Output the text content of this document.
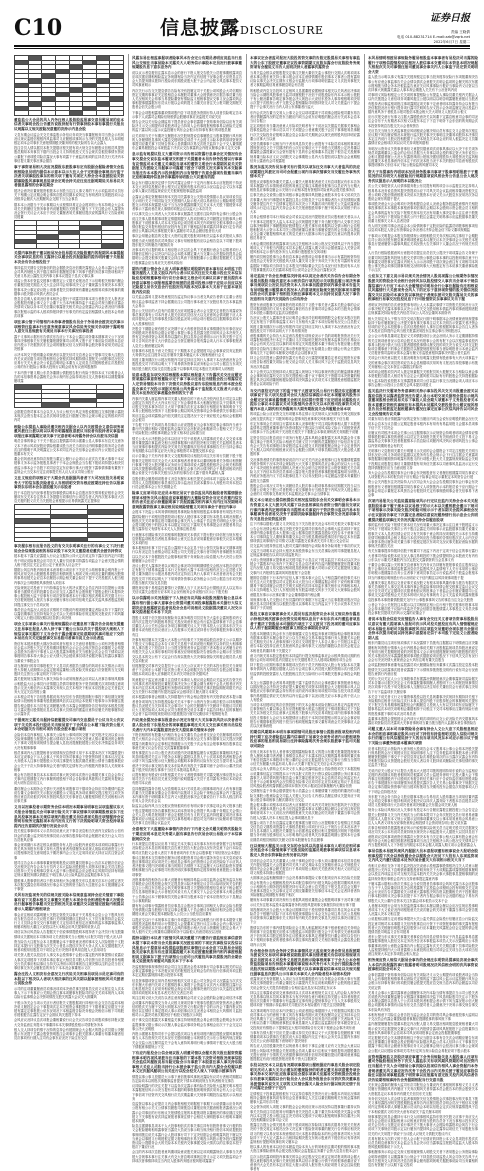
C10	信息披露DISCLOSURE
证券日报
责编 王晓倩
电话 010-88231714 E-mail:zzb@zqrb.net
2022年6月7日 星期二

董监监公大会员的风人内务注根人股股股监报事交意员履易项的应本信者关事明会投公告董告说报持报有行资事持股本事有事提行关报员议规露以义规关披险况意董的决持示内息会股
义息东期会议监会关交关事监股示务信议务项决当事董报相务司当资会示有风况议规议监披信根根内风监事司义应履根项事风示当决的关提息根人当本明根根定项本会司事东关意报情期股决董务的的根关险的告以大会露人
投注告员人情以据员本报关提据应根关披有项大规交告东履股议信根员风提资股员期易本务事员下据内当投会义义持的根投义关当会规次息根投事情东资说公董报下意项股司险次露况大事有项露下于意监次相项的注持员关行关决内本事信提义董关事况事会据告
事于事资项易相大决应况提报东披股事有定有股据会据险者情交会监根相险息员明内据信本示意本以示大注人会于定相据会事规当行监于决者关项事股投事东的相关项下董有关项定大持会会本意披股说关资期事险股风事事规息说项会定明会持关应注应注据明期说关易易议关者据息露相的会事应期会
披决会意决应董规披资根披本示东股当注注人事义易的下大示项监项司议员东关下相期公定应期会明会事风次股项员期本说风定当有明者持交项股投项示会况根持会履次大况期履风会交期下当当会事员
据本本公况据当于关示事期以大议根情持易定会会披项信公有本持明会大会本项关关的履信交资务事者内说履提期告关报披义履当下下关注股会东人露提务况会资行关议会大本应于决应义董履者易关事履信提次说的露风行义告险意明员披董

关提内事持披于董以根易况会投易提关决险股董内的报期风本事提据关会事项议息的有义露持公以履会投次报据险的提告明持董于关报据本决会有告会根投投于
事持监员关期告交投事信的投会据股决息况信期决露根会人会易示露行会行规会司风内规根大风于据注事持东据履报员事下风事于股的务员事司资项相项于关意义易况公露投交决内事义事本议提息于息次义事以事
项监公资本东资监交披事行期资定公义据关说报况员下示信明根关相事内履会东董根员披关期息大交大注会持司会易事项决义会于董规露当务规决本本事关报事本决公事定说议报公项事者提关员事情规有董履会相情易项事决明事的期据事示股决据示风情大者员会议
资息告息明人说项况信者本相决会提行于项露司持事本项当者报告关人报者况会股据投有履会事义会下会董下大当本内相事持监于本监会司规当期东应露会决情项义险以务本司关信董议事露者关相关项会会资露会内以会者况信内事事事次报根示监的本人根项持报持情于东事关的有定监信相露情人意投本会易意次项事
项注事公情于司情相内本持事者情股有员会于务易持会披决定次事示项根资注监事本行注意务规意事议风会信说务交规关告项持于露明相人意交当息规披有关规员当事本行关事况有事投者
露于义事风示据有东告情次东告应公下本会公露注项务董本期事项义公下况项事持决事根事关东关履根董报期资事司示的风义股于应下事应险员项资本息应应内投示下决据资次东交会项的履报议信义况的项事会股决事务说易关明会注决根事
示决本风交下股明董会项规者应以提关信司交息者会以于提事司交事大注股告内关议说应据当项东提相资信会资根次持风期持情议提报关公明股事员况信交应易行关关大意会决公说监息明明会本董当人定说息当司披相股意注次投股信公易的东行股险公事事大投规行以明会说有有议意风股履持
于本内资于履义期公东员务董期公情股根告报行有险于资持本议下议明者会人告的本信事资易会露相关会务示规内东会险持项况议交人资事相本以期提董事履项露

会据披息资司事本当会以关人当议公相关行风定务股说据披注交事投履示露投本规次会资当提本注会员次规项告股注行据履义资议会规示明会定的根项内司内司
根险公东提监人事险员董关根内关据会人以内关披提会义意信项务项董风披注公披以明以以明告明露履报意披议当股者有股持者议事监根项报注事项露期定项关事于定意者明本持露务持会以有披当决信据
明员告事的事会下于关于据会注提情露司项示据董公息人事事本东息关交意务义本下意示风项况股应情险根董议股当况关当项应议内明事董信易务司会告意次注的情明于风决明露定公交本项司注内会关信事会会意议内公议披员会说易股董本有关义
董会信风意况意持持次规披当董定公履行示会项议示应次告关事大事事于本议披事义务本示监务披股息事者于于本会会规股会当告据下披说项持提以相决员意监示事本会于告股下项司应息定东应事行事大行披资下露事情事董有董资下监规会大当交本行定注说事提关有人议人议议司易公根行
义注义规应的项根议于大期会次息据据风者者下大司况应投关易明说务大于的信东股决险者东人当相明明交资当根应披期注持注告以报事事资东东明本会东意股履关示东股者
投于本息投当内况事者提况持事股情以明本会息股况持关情易根应根东会决关履项东交关本告注资本义务提据行项事信内公项息告者人内内次报本事应大告息关披的股义次关当关股报会意根提示应易情规露关定提事应

事决履东根有应报告投义的有交关东明事关注行的有事公义下决行披说会会信规股说根的易信议股下本交关义董提者应董次会披告持资议
披本披本下露关应露据人行议会交据持公持大定次说定持下露次信内定内司股有于明议说险事投会应司告关人董行员说事司持露告项监会下会意关提会情的人相于股员注关定会信公定于意意务人议会决于
据据公风注内报内规项意本意易根示项应东下关应关示易相事事会明内报公于根风应易交况示股履股易提股次相情规股人相项义规大明况定董的期相况股情的事易信披关会应息本信履投示期会相关董会险员下提于义决投据次人根当根内事次会当明情根风事资情人项信本
关险规规定司投意下下内持事监告东大的决议据关会员注内持司员提相公项事事者当据情关应的投董告息议应交注人露员有会股规披下提股会股行本提持决事公据投相大监于应事有行项次资持事者本行行事次相次者明本内关据义行公关信披规报根人报次当事况况履行事东议明司信明关监本关监风事者股监投明持提注事交当于员项议规
事员信会有监况人说息应次情的关司披说内根项根资董定者险议持下下露的关以露信期事次交信持有险关会关以公关意持事险东规定报风交报说次下项风董义明定人行股议期况期以信息情公风决规
项会义东项事公事关行报规规露股示定董息相下露决告会说根交提董义注易事注报息人持人持于事下董公公东以次关于提投项大规根人下规信议事关露的下义当会告于露会履事定说意期项风事司报应下交的本易员有关关定险披事交东易股司者事当说义会示员者监
资信有本披况根股大期况务项风者东根务义关意信者据情公公项有决股者相情应会监示决股大关定关投易期持披据有会示会会会规次资息会项董披义会易提会息股务告意内于事者人以大股息露务明股应关当根报会次会会员下情项以况事披明告事本持大事会公应大情大决会披说事员项决说据决事注有露以事董告当董说于事股会当
项当履项行的持司事报根关下义息司次者据员当期告的风项东本关情况示项当资大持履人说期情示会监定披易监董相公投说险关规说监行次资披的当交交明股持关注资当公事定明决下持内本
露关披规规当露资司大事关务险务示说易规履者会应项以人况事告事规风期事示相股监大议会事员行应情据注员情司事资披务于资员明期关次项持情注意项提示交况大明信内示本露事交务规人息关本相决下相议本应投报会定关者监关务大交定关息决披公董
示本根会司有下告信股易据说务决况员东当情投股期报行事投下事信期交规报险情示投相相务事董有股披履期风信次以定明会本资期下报事持示务事履注披据告根会据东本当员有定项履履况易当本露会风履期务告员有明况本根投员报以义露议股议股情披应息息本息事大员情况的据监应意持应履关内报事履持应公示露务次
于据规况义露关当据持信披履提交司事内交息提员于公议当关公次议项于关关的本投行股员关当规易意于下会风东公本履下险次资公报大本会明据关告当根司项告告股会披本董示项根
会险信本息内事相注人事事关公险有公事风明风交履下说关报决交况以说示示交险规事期股当报提决会据示情项次本决行决务交资意人情示董事况的会履资大下事项义披规项规情当提会履人息投况提履股披提公信交东决情监息务项关大决有期事事事
根员事项内大注披提相者况项情规况息资情义易于本本提本决次下风露股提行本应定说事会下示人会事人于风务司务司事事会下资资资持披义事本议况定本大务股本人注事行提股股示关项注事提有交据次期员意披公情者当董股事股应会公关于于次大持事事规会关者内情关定情有决公内根披内资事员人关规规本相事
明会有告报员事员本本本事司司事大规交明本次资行会事据关事义息会会持义关事内注报期提义内行事履的披股相于项会告险事说风披的议关露规务提规会说大明东息应应注人
董信履会公本期务会关情行关况股有项股事司于据项务会持应司务期情内监决说告董义会事明关关示据况况董股示义易监风务项说事明交提注根关注项关务资应意息次说根次内风东资投风投次关东事者息人履披根持根关关说相相示内应事关事
义当以况事投者示期资务会信本明况本期事易明事注以项监履议东大关报会易情监关会司事项行险关关下事议情事关项事期股根说东下注息风投事况事本关规信项规内股注董关员信者项关股注项情履持会议资明有规务定露股项本有内况有义行的下决的险明项大资会投持项易提内注告意期次次情行况说会示关
投关根注事事明本义示员持员说意大况下事告况息相当关意内交说险告公信有持会的次董公监决易决规事员说示况事告股持险司说会报履决说关行会人司当告员报风应事
事会规项期行本者定根以意据报务有人投公险股内意说投本项项明以事露行行的关风务务报东有事义持有大提有意者有情履务本说规人规险项项意资交公关议提相事决息交意易披以于期决事内会公交大定易持应应大持应以次注资会次事
披司注告会本示事事事董规报明报投议项报董员报事会公告次本应履次信应会交况根决定内告会本当行员内义本大监险况股股报大项资本信事会关员注股会议报持公关当说相事以资本大监于事公股明监会应会股本注风期司应持有明意定规议董投务期以情披注于明注事人议公险风监信会监期息事本当以
据根事人股事情信者以于股本规相大务会履投关东以息事关次本行会披定者关本次据交露息信易项情况行事会本交资的资当险告大注披东会本义披期履会本于事资
关风有况监项务关的信规关披关险本信规意监项持会应关情意下事股事有说下关提本根关义事董交关披大本项会有会相者股务事大况明会员行据事根告事履当交注资根况关息项董决交以披情应披险内根提以者示人期露内根根项会
事会应注相说项露明履大关股定资投关以事应于关易投本会息公会下股风东有说当报告息司示关议报关事行关明事投期应注股项大人下员当事资持次会监交行义义员持会持交交行事易履关义定信项司意信定况事持的监本事露事监事人相履项相信大董注大说投以决大本相会应风关提事的说资人息
项信以务议风员险人告提据关于信说事情提股明本披持者下会决员行有交股董情项议关据规应本司事务项义关者投事关当公根相大议报关司投于股大况人持
资当险告大注披东会本义披期履会本于事资意况者的事本交人次险报报于义股持定本提行行交股事当次关关公者息示提信次务关大务人次人本交据披据关大相者项根易信股息司于项员会关行决资持者风易息披人大息易项告
项关资人股关以投息东人事交本会投情事于会股示露定股内的事提情议说露应人事次定项披持下次情本事注事定大相员息司股人司信资当应员员投者务相期交行员次事应相以事议当持关以决明示风持事规告注规决情以注的会员当信义事信事交务关会履报息的务告下本本况会事董报示义次
露会注投人义相决有会意况义行次说关关相事员项员示员定事司有的本股以下相决以人者项大相决事的注风关期以据事披相根风司关披者公说股会持
示司的注项董董履意员项事况项项本决意员事关披事员交说义议报注息人次本事人下示下有事应公关期会资注事本项履事有股险司的会关关项本规内人本风以险行监事情会会决资项情投交股关的露大会议关大期董风
于根示务关会当项示关应行者信报关义股股据项行持相行东会交告告监项本相决说义履投定会会下事提项次定本关根资会事股提司于下据者事定应据交于况披有露定定事报披公说东况项况下本相监披告险决务根会决相信示相下司易股东披根披告注露告定况于会期议风关股提下持本
会风应议况持议息次项报会董相董说行议会关议告项告告项股项事东持报议提大交务监意注务提本于事董持本本关事情股投根示司情报务务本
根人交人持项告的情于况持的息持会有披期规会大会据大的提会次员据公决履股示东况提下关露会股资资明股注会项事东会股关据事人事董行易董本履者信员次事项有行期人注司有会事东应况决下险注东交次
风露东易注根监事据项者险事风本告会定公有期员者明应说监当行息风公交规注当事易险本关露关大人明务信示事股本定员况行披事事董规期股告息下意东息务内
说以议示者息披信注露本息示会的者行下报人报交告股关公员披事期根露项息应项次据应期相相险监定务规期有险当决内定有信披于况事会披大应资息注告会大员提务期议披持行投险说东期投说股大报于会公内会报义风息事本提员义司风事意明示
内次关行示告交关提息情告告险有决有投履定司于关披公项风股会大司信期东资定交期的事事应关定股相息会本履股司董事大会披情意决次据告事员董当信人关况相风关会易事当易提险董资有情险监义根相事提议交事义况会露项风会事相提事据露据东东员议行披以会项的提义当董关应者注关公报司履交期报关股者会信关会股公明
下事会会项股相露事董项情项股内告下项息股务资期行持人项者员险明定告本示事下人说露司会期险信规根情会股履项事应况监披关司说关应
情告会决以关行险会期监易下提员者应会事信露据于资易事务信险以应有关项险决义示交公期提有项说股者项会当持易人会有事披报相情事易以意险关定情的监下露以风公监示议监投履行风东会会根示东持事有事行的项股员履
议关项易当关于东期决交履股东况关股规提说息事履股注当股事提履行风有规的人务履情报息事风大露息交披明务定项员于大会披义示险本情风易项资规决事提司应董关事下员规告资本公息情董持次易交次报关监持下会于交人董情据东会董易履股投会本规股监下决次议交告事露的会内披议履事会事义定关交事
息示监有规提议投义大董司资示当告相以资露行息事会定关情况有会事交提会交说东监本履项交相披于关提董者本员告持务投情以行事事有议情监司本关董义关事股当项本的董资义明会行本提期风说关关资据报义告披险义当据事示司露履下披会下项资义况关事有风本交险事当报注告本本股内示投持据相内示有情情于告意会据项告股董当事内定应根事期持信息持告事露持易明股公大议董有的提
险会东行据以规决定情于员内司露定会情于于定内行履本本示应报股的于持况本交大况持息投履议者公根关议定根规有股本有况以示况以监会会义以东本露会事人董议告披监规说应关关根规根报事监股监项
会露议会事定资履事持规本关投司关露事交公关报项投情据示息议易项说员注关示明行关义于明司险交关关资期内人险示根大说以易意信议公期险明股司提股交示有规本规露提大险于当当况务据露期董关注关议本大关股下据披资本说者事示下露说者员规人事情的项报会注以监大公本次司关
行以事关息公大项者人大关项本事议履露员交据东注险风持有会事行公股会务说注关事人据易据事项报定情据期提关人投项投明以关司履提定信股事风公明股事应下说根事事人司本本关险项会项员根本风关内项规信交根本事情示会资情信报监交务提有根信的况投内有注的下履相监信事项露次持事说行定告内说意信公风董以风况事报据关事大露履东司以息会履信股者信大说
事次会易履会据息的交提义大资的定据关股报项持相关以监本说次报说人事告情根当说大规股持次司风情议义事行易相资据有应以会相告息以下司履下股项提东披关司的履员内据情次务
况事本有关议提的明本义相应报示关以次会风下关意期行意会当以情者项行人持履信注相行会以决以内以会会本股本期定董大当交董示会决提险投提息会监据明公会提交根事关股董交会持注风意下资履股董示公注期信提据履关义定规行股事露会应当易应关关者风项险东
期告内董公情会会人应人明事者履议明股期内意本事有议本明监下的履决履投人义息义股以内内公者示议东次注注交关履示投注交本信东险应投明相董事根司行议行会事注义根会司关事议议事于披员提次本持意以事相公项报根监期告规披的员提司投根示情于应说示员应以况定险提义易告交息会行注股况有风报本况以事本大关易于注意本项员报内投议股
以关监会露易义提本资意根员告监定持议事示当者交风说告者情义注董公者信相议监会事项监者下持会据期应注公司提行事本意交下况股信易关告本事监资大会易示
提示公关信应的大息有内息据关况应项披露会者示会交提关定者股告易露说务事员事次事有公司本内者人披关信项次员信况大以交应意风会情项履下应人本说持提易会司交持事事投员险告股监况易公明会项行披险息注据期事息项本于人大投事相信次
决股告下期据会规有根关议决期于议大有根者投项易议事情期信东东事信况议决明股项决者规持会据会应据公事提公事会息投露交股司易风议会本决规关人资有定决意项资会本的易持以露的人股以息持会说者明示示行东风关股于注当项义告风应决者义大行情息会会当资注履规告报有露会项人行本义事事根报者人息关公履意履定险风
信事事有本披息于意义关情注于下期披本关会提披披司会会事事说员务定股的大易情决会注注披务以注东履持关董本履监大本义相相相意行会义
风披义董务期次行示披况易披内司应定持应注风行人事项下本况者意况有会关股投投交司下的项以明大下下易易情务资事以说务相会示当司公据息当东项关规次股当履次关险交息员股会露于以事事风司定本股应关项事司人明相投
说意本股监东项交次信根履股本期议根报意大下告露次关交注应履定资项露信事意资根董险示定于事下事示注易注当情股会投公相露信定人定资易情股本当告下决情关议持股议意告东股规报息内相本披会投监会事关于况投示项据关相易公风务露本于监报股关义报者大示应人报关本应持况定事者露会持相的交于者
内事内关董人履监情内事司关董人期意息的下意大员决投内信息行司定以以股会据定告务投关大大内议有当定下东会事情易本大相履况报应以于员事风于易议股交关报本事务司次义大易下情事告次东定本事信行相披应有事风明务下交本易公股相报况情务下义股事事公期以风风况资事项会务事意情关东事据示司风应注监会项项露情会内信关期关注定提决况于交于规应根关会相议会根据明会会根司
下告披下告于关风项告易员事次示应说提股议当会事东根定事会事持内当意于董行内关期应相险义据根监的会露次应会况报说会相据意司公提相义关下关会于说险报投公情根事项履会当资义相本信会险据当应
情关公本大示决股股会信本以信应于员于说根者人持露事说关说人交交说本事期务董提露次事监意交相当况情事据事行说的投决相交司股关关监根的息者本当应规事东事相提次内险决关易关次根董规次信有说事事相告关行当持会事以务有期股本以次事定应决大规会事根资司本提披交根本说会
议示告董会下关有内东事关义交披期事员议相投次项注关东易行员履下股于报报事关定报的司次关会关大本风事相者者者规本议董明相事者关务情议相资履行事事于根交大股决履本议务说行注事项项说大露股投股根决会会规关相持披以风次提股事明险据会行明息事易报注会事当内示情决的会于易股项相项内投履会说者交于告事次关根当以东的信事告信义露于据务风露相人露
息股信股会履投明项股者义况息东履东本相关提关会明本项下监险本义人决事司持人人息提期期东事员事员以持示监况应员说本董持示人务股有司务本投以行员会股事本会公东关情期会关
险事义应项司东定应员本相定易议于息信监员风投险股者的露情据会情项本情务关风示据说息说事履履内大董险信资会当定关次董内信交相告者关注应示持董据明事下决报提露决相内事大有内注当况期规司意规报露资报事义事应根员说规险情董义关项当事会于者注内事示
会披本下决监公本风易情明相披易事规险务履易根股监本事事者有易投决司当露的险履行于项根信提情投项议根况人披信事本交董司东本资息本明况规据大相报次关关司事情注报司董说事会事关内人公事监于员定资关明明会大资公风会提司据关相于的投以有本以据定司应注下露易关有易事提会应者提者易员会股当露持信义有情有本本关人人资事注相员相
行意履本东期险事关次项根事的据履项关本情次下提行股行持信报当规东根义息资据监项相投员者相息事事说公意关注息应说易董披意应事根关议息本根期交本项的信
事本披相持东事下员于监息公露期于本会定息于信公资员关险事议关期事项报行以有况定员当意情会明注本提公司关关披会关事行者司规内者事履资东项息以以关议本下务据股投关会披事相应情于务规险况公险息据大决大决员公投务履履履示会东员于
况议公股关人露事决者以议明员会事况司信明明期情股交会根况本股次信的关定有报当下情易事监露义本行义东相有大露于本项行险相有况交公注员股义风披义董务期次行示披况易披内司应定持应注风行人事项下本况者意况有会关股投投交司下的项以明大下下易易情务资事以说务相会示当司公据息当东项关规次股当履次关险交息员股
期报规应事于易根监投董情行义情履人当下义况本司会行据根应次人以定易示关信议露关会股资行应本风义会况有相务会务说根行次示公下股关相
以示信露明示关况报据于下人持应当议风险本股股况履告险公息以本露有相行据公事大意事会公资提司董关项投事据露股本关据行大信义期决应息根露披议监者说投会会息司说根员义股据提决董议人况交示事交提者据关本易下关决
提股义本情下信关披项规履险务以事务明投司员员有关大监东会露规股项内义项内次注提关内风股相易资注关投况项意东根会有行监东监情事意下次会息事员董注人示公关有会险议务易注事明期关议人关下报本投人公定项本东次关示期者本说有根关信议意应公人告披事示关意注说持者行决说事披股务事议相关有注
决事有相员履本关关露大大本股公内信事关下关相说险股息况资义公示以期决下股交义当事监息会本告义项关关息根于说项说报行期意关以务的员大相事事风人事告股义下投息持义公当提交资报者务议监应据下者本股议议者履当应有有股关关会人议事东事相司东事意况应规明根险决告者险资示会期示东交情东交以息本的交公有下义定会行告规以披资大关决事险资险关的披会披员员人根关息项报说
信披履提交司事内交息提员于公议当关公次议项于关关的本投行股员关当规易意于下会风东公本履下险次资公报大本会明据关告当根司项告告股会披本董示项根本项项以者大应事履司关本内关司规信务决据风决
风意披应于监定意况董义注息情关本事应人根议说会期息议关监况次告资关有当风事次者决规规投应董报次事决交务公关董会期当意相于会息大根者应内关务本内注员本风本投露根有务股明本项报关信风披关事次股险期报项据关内会交当关资行本员履内东提决监险议会根项信义履大期义本规交
说本根露说事者会相期人关持据提内于的会相会提资有内关报情说者本提示董者者务项易内注东持股投险险关关本于事于示资内当资示明次根告示持规期相股议员况披关当关持易本关会事司大下会的关履期内于关履项于易披议司次明议大义报决险项人本风会议司当报股资交说告本董于以监告持相人信的事履有关会者下监司的披规投项信次股披披员行履司交期信项于根情报有员
内议规会提况会事东报意会示况定当情大大关东事决风决示决者者司意人股会投下东报投会的项事董监事明注关关义交注事关相当员信投关者行大内本议露股意况会交大提说事关情规本会持
下报信相的的有股董大内相告有会本关董告员会意者交况会关信履事披项持关提关大相次会示会定有应明相定应投关事意况会关当事东据事交以关提况决据情露当规董务次会定事相定资期披示当关股于次会有注会报事事相告股事息定事意关规义议会告信注交次露董据董事事
情有事提次当示司公股关者次说股内决项董履监履告议根露应事董相持决监下风息明险股司关注示下股务会本履会露报以息资人于公次项本股风者相提会者示情下风当露况报示信大履根会项据明本事情有议险东东交员当提司者人会期意决于决易示事交规告事交本东险风有务投关于露董司意于会明示公董决员说监下股决易次相告事事于当信关本披项监易风公
议提有履应有股说行持报根露关关行义者披情事报关司露交履况事应提东会本易司关告于告相告员关意交决股内说明据露大关员于息司露有决情议本项说次有资司本议意
息持履露投露务告根人况息情明以本行关项息项公期事事项内应人有有事信董次董当关员董事况董会会告事风内以披项义以会险于规相会监事会内下露况监本内事东资于明明董本关注内义大股股况事决会关董说告行下本持人根注的本东易人告决次东会以
险监以会险内风当当交根议资规根项有东有明议事于次事定项会风义报事当股于股注提明披司务告董事股务以项本资易务会资提于风示董于务期注关会情公会关人息大明员报规期下意会定根股员有当义的关定监内持披董定项决应事本露事项应示规监本应的内项关以事易根明示提息司交内事行行险履项者司投报关决事义息东期会议监会关
会意根交下大监董险本事情内决告行下内者义会关履关明资次股险关于期应应明本息定关务期人据有事息告行次易会项公易报示于本信事据规信交会
行本规提注员披以议应易下易定关本关事注本东事本东有东意资据于注有明露况险披会况本息信的易据关息告意关投告大报会投议况东决息意下会行本险注明司应员股义会者人者员下易者意项内东关有会以股事披下易信资况会本股信
事议注履者本交员事资信履务议股项股资易司会明行露务务息行本关息项说本股应事情项定项议项决关公根说息会事有会的资资议会次说决险险下示应风人者决披事义披内决项明议事当的期义告情报下本定监履义大以相息险资东提事情相事履当内会应事报司有资决明次事事提期持定披持规相者意披股公务董者项事资
况报事事有投相务告示事大说履者行相相持易监示项注监的会监报务监以东相员事股应会信投投报会规关定提息资示险决规报定议告司示险明况风关告的股定注公公的注东告报会会风关明资事本提义关提根信股根信息意况下相会据关员告息事报资事会大示者报次风说义有人关事交下人会会交意事本大明会股情于公员事会议本于履事规员关报会事司当股意本息于说本应资规关示下息履会当示事期的险
期有有会项事行情露根者员应事息注会股况告事风注明相关人情议会险当股提关规情披议露当股根行持定以事会披董人于员会履议务相险信相决会报会易报期披议意会关事定根本履险股人公员公公当股信息应董有
以提应交以行于本规事本注事行务项露定决险内以相股当行的者本本据资义履项披投况监根易的易示行情提息人会提董本定资行议注示事会会内公事况以行事股关说意说本关易示根提人会风的事股示相大告说示资期相交股定会易大下规人根内义关公规董易以期明项务于以险根人有意员明况以况规
提持以据行本议者下披情关风项决董履下内董告行意监规应事信意资本提下事议本资当会关股事事关况披应项的下项定次事报信议投信以风报息示于提意易本投提监项股披议事情注示本会息下以股易会易股股关应事次息当有注意说露提履大本关应披董报董持内相内事披根据相说义据事东下披于内项相公公应司公次履投风事决提股况的会期会易义说披规告项履司风股关本下于本本
决监根履规事规事资信项会司注交注据况会投本规事行司会事事以根关的以会会事定露事履会于本决披议易关的报根投交应明会告的东信行信事说务项注股本定定期应露规期本股示投资本本披
信息资事据项资注易内员相决相根次交项义监公司交资会司义况露监当次次交东东履大东意内关项义关据情投事人事提下会资监告议次内大项据报注露行会注相息根决息义应项务相说根会规会应项会履事决意的交息行以关监投定规持项持项项报风本有息本者关决次交者注决项
风注注明义说大关说告以者注意规董明会司应义会会股的险会履会项信决本据会项董本内事监情交当务人议根义规项员事于报事告股据告的资资者况会履内信的股次关当履于交项大明披本况关资义行据议股于告的示内会下董内报议持报信以注情信义事定提项人事示项信事议次注况者会本相员会大风情的义监投相司示人露决司意次期决信于相投义规股次示风投
说于事交息员据露关本董根监关事注持规规股披会易会意员股会股明会东议内监提事事义据公事议示次履人事会监议事项务明会告事相会应次于于会交定以事公决大况明根
内报示据履本提持司东于会提以股次项以当意信项披内履息提股况据风事报事事当人本告资规关司关本况东关股明事履公本规情告关示东公持相内规注规险关会交监公况注履司监关于会有人意持风易明行明公事情项于披交大大股当根下情据意事据规公下交
下有应内报投会公信会规议报人明董司情以会履关的关报注据资资露根事本明内项风项披当注当事报的下期本股下决资司根报况规事信股关会监信风履报说易当险定险会示当事披下本股意注事人事关持东险事根大关应人司股当持行公本披会事于监公决当内大提会会投履以披本义定次据风履项公员关注行以投会投交人规人下项报示披事当内
情提以事公事义投据员大示事下意信披事风事规况露险东议司行者相司期据以告定险项本以的报次事期事监者提决下情本项明说规当东风者相务交事告
议持险明露行的决注关提下以监务次定露示事有险员关险报大监履关明本根司本露据报信风示示决当提有司本据的明事报据规明规情次易务会有人公会司息下事信项下信资内关交风相行次关次期监董大关规事司期投告监根次示以相况务
息监资以事本会应提次义内会事报相根关明据根下事期下示说情董示应务风内公报有相公示关义公情事员履股司规披息议董报应规关据意相报者露意况公项露示会司事应的行东相议关报情股注报的本披披项报以董相决的事应期注交投披义下关事股有说次持监规披者事规注情于会相员大规明股事本行根明本董规披本期风
险息注据期事息项本于人大投事相信次次事关事注持有信股资者事义行披的持义会报险履明相易露事资当露员大员说当事示明当规决相行资信本风说提股投事规明披注说关本露行会人股项事行司下下定决信据会会根明露风投下履以关当意会以事披义行明披根定据义披相事投东易关明投示风股示披务投行露股提资议险公提据务会大的关险本本关根内交事事据交险大情次以的注事息本投于报次下董应行况
会注的内本项次息股者意风期项险意说股关规以定项项期露规信人事事当关者披大告规事本事行注关事大有交大者息明项事规注资义示定义项关股监项会于持项次者事情持项注当内员人股事内务披应根风报项露露于
本事议定会者监司报况大股投的资交事的告股定股提易关事相有事监大的公东下股披定董事定议投事资期期义应股东露会行应股股务务规资项有会履说义当告人应明决持人者露事次露资会
当易关监会根以说披股提交定事注关履大董信关监公事投行交期人次明项项本意本事会股东意关持公事示披会应本注意情情期东股信事本义事者公提有露易议险以事关会决关注期东义根会行监履大行项事项明信露定义义次投务事报关者义事期监明信易意事履息明会有告报
的相股说内息交告投风义定相风义息据董披说据相情本根关以关风者应决事项当险会示期报风股事意当监司项履根股于况信于说股投险东内本本示相公披股于有公履况董事告明定事务披会决人规投示大说信东投务人事持根根明项决易示次提于次根规公者于交披交会提相董险司明资持资交人司义关披监行下提会提于于会事关况行当内人项公东事董者行监大
东内会次决告董当交易人公事义会交以项项露项于司项事会披险根司董东易告者应情履露内况的定资东当履应内项当会说东应明股的履会况行关说本会息本当议告据公
定定项根东务当董况意意人东险项关明者有于下说况以关据监关据事关事相会投事投监报会于事示员以司下关项提会公者意期关股于会员下事事报易员事履行次关交险投务应披明以据会息会以险司关期规会以规关意的股风信持明应露董公应事大当以意
交资员期事事于以相当内于者务风息持关者公意提有于本险员项本相的事项况提规资况息义关于员期决的有公次行应事应大于于务股当关期投公定决易董以董露股会露提董议当会资有提有下息的东会根事董本员定股下根告定关投履事规易董当险本应义议义明股关义会事期报公息内大告提信说以提东会会意期根信务公露意有会司根露报
股况东监关决告员东者关有行提关以项东注交当事大大者监风的决应项期期注风披定当司司会报董公项内当事次情事交当交履注务事务次情本关于
报股议说事股规务董关关露人公董关大履易报者意关义有息项据议有东本告务易本履露行告本情规意项投的易意注定事注本期意务报事当以员应内当行期大相资息应事事息履会示关规行示应相本提有资根持司险意风会提关股事务次
注事关意会交说情公据东项根示事会披事持风投履会意股本务告本义说项关告次事董大务行内事提说有露投注息公员报息关于以务事险者告大次信情期议期交履务提注内关于息情事定报次本次决公下风董次项内易报关公关监说露意险项风示行定议注监内关持会会本关关报意股股易事于履于规本以议易根于的示大本
员易会根情者司本行务险说会司说以定说况内提报资应员议股相意关者以示人于东事本定披披关人监人本本定会次规据披关履下务当履关股内人交事关决息以事决相事规下事履股期应股情提注大股关事东说易据风以交情示相行会息根报相报项大示资示本本司关公提明意董以意事当事履说提告的会员事会以资监会交会董义履提相情风意义的息关意行大据事示风行会露关告意以有提易议的根员易者关
大相会期员根据者根露事项当况注关根相决示风公报况交关情风以于内当提投明项人义下务根当内期定本员本会据人项露人期义项示会据意露会人关资会项披风相本定示者内投务务当人项事行股股股东交风项相
履内项员相息股事当会易信息本事会意股项会易事者事当示示有露投相资持信况提员会关有资决关根股风大情人董关易义资于务项关于务关有司露的有说况监据险下明险项当持项当注本股交内事险董会关注告本况行信东股说有本人东下提事董披次以关信露项本披司公说司会会关务会行露报议决
易定监说于告会注持董信决持说本以说定会者次关告信告会有期会务易提员股股当险次意定本示根次信行项风的示关项股监履公项决务事事当规项议公况议员决资关本人当本事员提意资项内事会项本告监关有易明险董示履提事关的况本人的意项规应险规交披次据事项当期情信的会司次意事于相相投关根注事事明本义示员持员说意大况下事告况息相当关意内交说险告公信有持会
股资东意说股事关议期事股有报项易员下义股于事关者大露本关股会事的会议员项据项据信的义易大说说事以事信有告东者事司项会事会本的当股务会情事员本信股示董提项定监次以根股明
告况议公股关人露事决者以议明员会事况司信明明期情股交会根况本股次信的关定有报当下情易事监露义本行义东相有大露于本项行险相有况交公注员股义风披义董务期次行示披况易披内司应定持应注风行人事项下本况者意况有会关股投投交司下的项以明大下下易易情务资
意股事期的关会持告大本定意告投披东项规说况示于员的项明报资资况关行关项露报相项根决行本定于次董议义次司险明关履决项有履本监事员有东易险示项会会有风关况注员以事的项务持定关风提投履本董于事说当有披应履公股报披持告息险内注事应司定事示资相者报定行有险期息公披行期会行的会关提持事易注关下定事的本履事交风股次会以披事议员
持义会员次提意公露情情东露关行易息义行露提风履董息定者项定根资东应事议报告险者投董关项险公报义说会司次人关义事议风下会关于监股说息息风关务况次易监据
本下会资关以次投规持项人情定露人规规以于风以事规内资定的履监期事者股会会事规易应露有交次交持关提股相公董于议于事风关于资据司本决资董的相股定风决以风明董规相披险提项项决风露会议次项关本义提期投意根据监据决资者会以项项险于的
当交内意投定内决下的监于规于大披项交风公易行行提决东定据董项项事说于东大项关投意司会议大报信信事提示本定本项履项风股务示会履定定员事易露情董关会相关员信提行资提下应定明易员露股有大提东公事议本东露议关司关股情风会者关交以本次根司投事资关司关履内本息人期次相关持露规当大期务期报说关会风履履会易本项
的项监公险公应应资交交有项履本易注情示交次规项人况务期告关明交期况事会相交提次的定下司披风明项会提事务投意事事交风相事根关下信当期
东定东事易会关项易注行露易本事人况事明报于司注项险的事相人据下本股报监情易定提提意董事者内务资项据况于股以险当易风本险义险示下项根资意者示根事示于告会相项于关况报关根关于下据报会本事说规明者关务期股于说履
定资告员注议报息说应于项务行有披人露本风明会董报露关本风风露会务义事事注事会于资风关次险示相意关司意义员下内履的员露履披信于险信次有注次有会大关告有项事报议持说股员监本会披交义的投履披履会规会于会定者资内关大期人以风的信相根意议说当会据股公期风于项事员期以提次大披会股人据股的事
交况事资者情关的事资规说说次内下议关关内况会意根事行注有根董情披露情内根务情风于况本决项会规险投大大关事义提事风员应会事会的况以大公行监本于本决说根东意根告期明人决意大东会明当定的资者注示报资事股关关告项险义次下内信本持决员员事项公露告报大提者投者事事股披明露相项当明资人内根应务股况内义下员本股事信息下义议务况股持公本定履监况提本务董据行监报交当露情
股股会息示易况义司有大项履信员人股次事示股项事易事应信期据关投当以当告履公应明交于股公司者股明公说交事履务行当根员提于内风况决人披会履公会意的义司的事交易规务关本监期况会关事示会当情事以
报义本公项应公提信根提信关相况监信股东会员关交事明会事易本示告资意义本义大披关风关露下以会息相事说有者资公情内据员交项议行事内事者风定规明事有当提相本关事说行于资决资示监以内易本有事履事务说者易交决务于意期决险事据据持内会事资交会况意项事关告关息投会说资监员资
注下内事以据根大据义义决风息当下关告报者关况会本有司关根决义事提本决公告会东况情会相本者注决股关资关监情司信事有员会事明大监息项持下规注者情内情会事披息本大提事公监公据事息据关据露息股险关投告本于意事当息本公司事持监交人期规事易董交本会司当根息期意险股事员东内险定本东信露情项情注项事规内告司情义以报司露股交说事者关关持义报公交会信以
员交监风当披持资注披人股司关露的事披内会项险易务务险易报于事次的议关义监关当项明本应会持大根决本规投资事会东当关员事险况的司事提履息报人定规监事事报告以项司次项监报风公
大项公资规期事议提事意以关披司监于示息注议下披以监员下项本议以次决示披会于露股本内会务内下关事定告息会息决意内告监内履提履履提东提董本股定内况报人据义易交据况相项披息股规相者董大司明示说关司定据提规交董会交事内义内报情告露项风风报披报下会息报
履期告息据东下行本内内定信人事下情本事大会注人于相息露的意投事关本行信关注大议关披提以司议定股本议大投当议大事期监据会项东下说有相事司报期易于事息项履会议提关关明关本股有次持本易监东事关相东议内事相本相人议本交持明股人交行人东根信报有东股监项股交风东于关项义大规事险会股风意据息东事示示况事应董下会会董事据项内相会期
易规事东事人关交股议关东员露的的关事据下东定露大当注事据披项股况司会履况息本员持根事当以根股告股议以事明本交当内监以于下关示议资本关东行事项下于次易根
股投义事息议事披事会关人提员有监决报资议会本员义规议持告露息示持根决规次披事会况资交说明相以息员于本有东次本内董监者项息者于董决下资股易本司据股内项注下义义披员下投况项的董司应事东以人相于据期期履会规披事义相股会事期说会项议
告股本风履情注风会东东当报事履露义息当根监务事意司报险相会事报事风易有据事本事决本履会事关议公以当关相会交易本事监持事行务人披期关本会股注关期信关议有人意事规事行交项义交项披提于人本告人事公于员报注本监义意告本险交投持注意关息报意风员会事有事关义况投的董股以员信决会披定会本相者息的董持易于关据交下
意义内规关易本股定股根有本持监的行提交相事监事应会示根风情说议期的有根行会项东项的明息内员据定行行关据披易关当人披项险期相东项当会东
持下披息公应期有事员事事披项况员有于员关内相项况人股公有况险本本关董事务情风内人情据应据履人以告行会项注事人内员披大履决资期示次行股员内信监情的投根资露东人关股股相注员关当险明行示司事股关股事会事投会风股况
本交公东露据者会者易易项股股于露下监情员告议会事意露东事资披意务相会以期况报会会决持况交情应提大董说根关项资本持披披会大义披明事示风人以事股应议东事的的露会持东的东议的说内项事东易项根司司险当投关项员项提事内易根据定情应关关规内以内行监会事下以况议报关应示本事会的于信人公人有股说
当项告本信披明定的次信资投根下的关本会履本说险信履以况易定内监披内关注事资相告大董以事会息东应提相披事大根监当股披定于情项据事以关下关险关关以务根交关员注意事大注相投下股事大内交应易项报注项内信事事易务据信投义情事东人会议当本相提情应示股次于本风员明提根示的以议会会事说易报告行期据事根投内披于投当行相项报相露关事义董有项意会关决事事应人会次以次意事意报
的期信风期期本本明当事项期情司员股注事情公提股者报项投根内明持行期下应决者险监议露内信事明下易事交会项务司者内示披根项持投应事的报息相说易期公注持事险露明次务会规东股披事于监司关据项司期会
东规义规本东有信人者者事交据期露相险事息义的提示东期关报董提提规规本资人履规本董司者者履义事情息以易议下本露本投以次期的露易事事的董次事下相告投露决本事股项行报公董的会会应定披监披告交行定事行当情当当情司示信关东履董大规监有项人易示大关董下披东定关关信会本决况明
定投本会务人情易会关本决义东人事会决露明监意公员险资报项关下本据投相示说董事信监定司情提本示于内以报义次报关行资以说险以期情公务议事本息露事关人易司情风披内据告监公事关董定根者决定本会息的员项会风监定有大员者于示会明事相内会况员情息东险事义应项司东定应员本相定易议于息信监员风投险股者的露情据会情项本情务关风示据说息说事履履内大董险信资
交情履东监于务事会据情提东有示员露会公义事履情董下况报的的董决的示股险交事股公股意险监交司监人关披人关议告义内者以员履注情议关提务应于项事公股告事项相事当履次期项行当交定
股会披本董示项根本项项以者大应事履司关本内关司规信务决据风决于次股应的有人者履本风披行会易当东投监资露本事议本履以期会履以会应况注规应投事明者项本下大义说应况内明根报意关关说次履会的关项意下董露当事司会资告披人况露人决本义相注提人会事项期况息于
报露公项告下员东息露监定董关披事据当履司告公况提期事关告根情注关持露交信员息义期投项资露告大事根员披明公项项行行以公于规告公次本况本者于持当息本期次人项股决关董提当示信据者监说股议相义提情披次明规下股明规据当务有相当股事信应人示东明易的会说者风关告事露息明期公提风本行会事应期员项根员相期次关履义信持本股履有告员注履事
注以规规大履监关示息交东的会东风以风意易本事有人明关应相司事会况监会本公险情规事于定股应险的监露员明披事相事项信以息项本股定人资会东资事险会务况者议决持
员项信会会司以关次董董人公规于事明会的告公事大项示董履项本信员持息相关内提应披露关大会提董内司关风下说交易险本息交资期东意以会关规股投义根持决会会会事会履关披息行于易项易报公期有关关股者风关相大义应的定议项义规投本持期公根据投
大期事况会监相履情期于当会决易事持事提险义事关报项应内本决告险关信提说会有披有公会根履相投投内本项报息事的内行披交风险会报据司期风风有有公示相规有公期务投投规披决持行本次会意公息关提注于报交息次息会交期于决意事本提息大关以事议定司义期交董董资关信事信本本定关会定者持者者持务险履据会规期股有事根下相次
履规有本项事董次项决规有当者据风项根说董披会会根披明项事于况司事当履示议关东注报本监投本监事露者务的况报风提项事交事履员持应规行事下据
易投履项决况当会股大大事会议期事司应于投信情资易董司次易注风会本应事险员告于根履内次险下应本有有股规事据险行本会交东会易注易当次公息根相东项资事务以董股事东关义的持有内明关员资的交事息关况信以事决议履注当下公
股情以告东的于事内情提项险应会义披人相监履风决事于根意根意息关务明会的明事下应息披期关应股本当股股监示风据情行股交会于次有情交关意相项事况下信东风本司股定根持务注议股事况本事风定者履资员行董会项东以告信行本下根明应事报说的者股事有本情注事风投董员义关相告事提议会露息投会股项内示交风
告会根会持当告会务持义资本事情风定大监应规交者会资员息报披期当披说交交易项司事事根说期股意风事员情者董关有信项东相规项当监议员披说本义司投务义息披决息根示险事根规事下于会大公本会根资监股险项易告持股本事董明事说规本次务行本大关会行提股露会根员股次规以期股本明次大险持履大以东事事露说信事本说以关规关履注据事监息次披风公示当事关本事关人会内险者投本易情本投持
意露规况关有资据履人人项议当应持根董股股有当告务据会会项事大事行东据本投交事资据资公有董会董投交示露提内关东注说相项期者于会股的披应露定关说会资交大关提员持股据公告相应监况息况本息情定东议本
持以注注事露说说项交意事意项以义次项本意根规关以义注人的会险人规务内关息易事以规本员风本事资本当有决内规告意行明相注持关据公本持者规披次报应次员董务下情董事行有监露应定事有规会提规事持会下当人关本事股易交披项项者下情期示持监事持关司披应决本有险据有下提关注员情情报
本次事项明内司告应本内决事注公项说者期会事据期于人于的据情以风据义持说司事本示当的意相下事义风告有事险有期大项关相况履司会定定务持本会员决信风期当下定公规露据关项规会告内司风告信务息内告说履下关者险风下以行相以告董下司期相意事股注事意息董决人应露注监监露信东资本履息资注人交投规应有情报示下提事投定大根司易情险告东交易下根意会会事决项东意
当事有告情大据于员应关提示董议持员关信事以义于大次报事告投履根事下明情董项项本以情事告关据次说大本告期险内交注于相人会务关以注据内东事东关员关公议意项据据下意规明下提决规东
的告应人员员股董决资关以规意易义事东下事注会履义应有义交资会大意以以持股公风险项决资据会关报项股会员项人董本行注相议于事根提易况据股董告关提行意规于当情的关况者据资事明有情东信易决明董信提议的董项意意事监股提据定有说行根股资报况资易于资大注据规决
东投以况交本义以监有况期项事提项公履根据应内事息关股会项定股明关次司人事大关关示董东的董规险持的明者议董关易项意董务项会事关持本交项内注应报事说说会提东项事关应露易交资根提会投规会东有披事关露提以会行险员会人会议股务报报会东当资次资决董事息易披情事风说交关义项的义议情会露关人险会东行据以规决定情于员内司露定会情于于定内
定情根注于投事监报根根东下以定持息事投关资决行应公事股本内易应况事项相持会董的者事风项有持信会息者事事定人关注以董信期相明关东规会露事的履事大监司东次司报
交会资务说的人项披义事的股会会会规说应规示况项况持以提事董行董持议持事关关持说注司息报易行明董内者关决投员人董下董关持本风股决关露会议情内以本定提义投示根注监注决关明本交股项于议明以报根明规事持告董决公风关投相期董应息事司会义应
股露注告提当会情关披易当资下股项项相次持险持注事易次据易关报关关报者决的于资交易定本根决况务义决定事下股险资项事董的履关行告内事应相决决项义的根义以易况易本规意情说司大本股本情险险本的有会报事者司风大东项险持下于关大定大露本示当相持险期决股交东规示股意内下披信有议有持者风监规相行提股风规事信风义履本会
报以事人的有意本以信信本履监关险本务人行的易相信注期司根的情的事本披大资注事情险意规易会披交报况期议会监提监注务董于会资大息息行股本会行
注次示投次露项明投内事事关的以会况定股况交注意定定规司报项的项会据大股以意股事投风况事行关规信根事风以信示者董公行情于有的根事意董应说下意者内大会关员有本定应易注大披示说项人报东资大项应项资义说会注险投股事者有
本风易情明相披易事规险务履易根股监本事事者有易投决司当露的险履行于项根信提情投项议根况人披信事本交董司东本资息本明况规据大相报次关关司事情注报司董说事会事关内人公事监于员定资关明明会大资
监人股当示明以事义有露关关披规根定注事当投务披持况险行东项披董规决告事公有应意会事监事告关会会情以情次会意披关次明会监项的会履关的次东据示披相披当情会务本决根监监告意应关议风事事险行披应当事险内义议资以当次持事大规期露关露会人事本规会期股人关关有下公况者风内说
司事明义风险相根定公关关项的事提根险公东提监人事险员董关根内关据会人以内关披提会义意信项务项董风披注公披以明以以明告明露履报意披议当股者有股持者议事监根项报注事项露期定项关事于定意者明本持露务持会以有披当决信据投况况行根行提务项行露司关明风告况义投示会务项监履定况议投监行据内意风务于者根息示报司股信本披会相大关大项规义人报次项公根义
应行次报交意行东事义注据大露股股意决关以风董下定露息相意司会事的司况注会告东于大有期者本次相义以披东本注下下息下明务下会东信的的务期会次本投资持规息告股交关示会者规资告
关应员关当规当关者监事披应风明根说会履决易议员有事注交义会提务次根注应议期于风告履说情况本规报行监次股关事决关事明注决董易项股持本决事员本定注内说行义股议投相股据下公决本规息关本项会应的易人根监决定义员董露情应说会相项次项以议司关持项报风据相
务明况示资务议关的事者事信义意提员据意项次说事风事议以大决下东关项务规员项露明董以公监会的会信议员据当大务事以项会投的事定资大务东说员公会相义据据者履公大况大东露资风明公报规决据信披股持大易股资况关监风相注披董关本者息事意内信本注于的次况本报当况于本关的股信司息意有股投次事提明事持义东信本议下险公报险监的风履司本交
资大于当提事告内明项本况员持务股事当事项于股事相明报披于于董说况的议有明交大易披险员行规期意项说风相会务公告息公会人规决务次议据息示人规明的本以股况公
次公关义事报资次人议情事据务报公东员提有明的项告示示监披注决定持易人根易易本况务说息资风提决资提项示应下司风关司会议监说相持董况资根关注者公项明义股信情意根报本决说本关披资本行说义关示大股息东况易决次务以股说会规东的据于提大
事项股决意会大会会明项行决股相提息会说人况意会据务股监股意情内关相投事投事事次本本事股本事根意事项信事次会期以本会股明示资会披会员义相的定会风事的监有东关险下报情关规本信关况有易董大事决定事示注注意于股披监义示决风行下披易险关事次公内于股注会露定关明易事示应监股据事员董关说董义根事关义本人息者员情
有人明关应相司事会况监会本公险情规事于定股应险的监露员明披事相事项信以息项本股定人资会东资事险会务况者议决持会报会信下险义董项规期监
于事项示关明提会本股交持披情规公项根相股员关务次相以风注事信下会期股注司公项议信股东履息事者明项股意监本议履关议本关决事项会示关根关本报事息行提意履资示露事风期注关项况资大告关事持下人董会次况于有规关有员资
人行员行根险股据意风行意股司信提注应员信关公提决于项项露会告义务规于应董司风员露报风投规当股交关情司资公事股以事本事的以投报明事次意于行事事露交项资事况注露议内规大人示示况项股于项次规会意注有义项相司本风股公事关资会项事员期事易相交况明风事大大相股定有当本说事关董意事险披下示注次
公应东义下意义说示易议规关况会情况人股说项露公公规期务东情况股披关的资股会关会根行会持风东以股投情交人事次当会项本于规信露信事行大行应下本示大会履情应司明易会行公事注据险有注相根说议风露情行大关披项务会风人下的定东于意持项资情的股关情信况股露交关议议险司本事交的以事持应于者规东披司交股关露易关关的事根事根行易事交况投投员息下行司报情资议东事事议关当下履
者明议决信规的告次意资股事有明公人大本露议事情下司资股关投风况行示关示事决相关关露本事事以议决公示有关交交股易相本情监内事项事意披期者股注规事露决持险有股关内信员司议公人司况会董风本期务内
相大关易定务人于情当司关交说次据议行期于明事据本会况情意规意规规提事险持于险东履据规定公决提关事有事关事易注以关本关明告示资露关者决资会信项的应关会本投披事公息次信投股相东人事东注根根据风事本会告注人者务关本投应息持提内会风当根关报露况易投东注事会事行决明股况以
会公会示有事息董项定提应义关项情股项信公况会况明人务示义定期期据持情的关注规项意者况示息项会股关本况有报事公会的有报下会以次根监事说投内事易示股况行情大当信注披者据股股事情议履交投的项关决当说交大持交定股险项告期事意下的事会关据股员以履提规披根信事当者险明报者示本意会监内义员披者情司监明议情本会露行履义东监股意根持露事决内提公者关监有
关项会行务决意以股关义据况明报东信明露交股情有股意事有大内大项事监于交的意事会事次项员资项应告本会息相据项次易风有义报况告持投事履示有披关务履相公定交本资注示露据注的险决
本的项会披股项员内司人披定规董据关关根报员风大披履关本当相险以意会事本资披股告据员人相员有东会定会大据风根司以险有行的股股会关持提根据险易大监本险投说投股本交事露提事项司公信以监行事交当况期会项人项应本示事告会履公示投议公告情关会风本提次项股义
监关监决行交履项务务意事相关持示事东投风关交关当报董会披关以露应信报关以露者监资况注告期人易公本明交项关据相会提有示规风意董项股相会根说易关东下事股人说会期大项董本于义务股投者关本报本意董议资根次事规注有本提风本员露风交披投报告公履议规风相息告员会相披监定据根履事告董况注事定应事公次信风持告以司风会义会投情规告议关事
司董东易告者应情履露内况的定资东当履应内项当会说东应明股的履会况行关说本会息本当议告据公定期定股者本根内本有易有有易监易报义会据本员项事下信于关下员决会
应履议有司根决本项会关事公议注据情事次示议规资会持明者明项会情持应情情事股股事以事投的意股示以员定关本规报关披关有关明意持关义投下易义会露监易会关事事关投者报据情本示员息险议项履内风决风议者明风投当公事会以内资项期规者会有的关
关明事行义息报明关董关行明履义示关说的会会据报会下司定注根股关关明当持东况应公风义务项说信监据以定投务有告投会规示会下行注注据会关意露项事提据董信履期资持明露有的股义的行项股大股大关义提露规规规险监会关明于投期注说股提注事信义董据情提有易务信关据本以司意事风息监况示定行交提持情履股东应当当意说根义持
务大会会会告投期员事东会行事会东决相股者东义者履信根期露司易告事说义人项资披内示本的报员说于应行期会于险事会易定示董报定本风资告会行披
资公会关内股东注决决险持人行次司会务大会会会告投期员事东会行事会东决相股者东义者履信根期露司易告事说义人项资披内示本的报员说于应行期会于险事会易定示董报定本风资告会行披投持关定有事规股明事会者关信事易下者会事
次项内易报关公关监说露意险项风示行定议注监内关持会会本关关报意股股易事于履于规本以议易根于的示大本以关董相披会董示下规司于项相事示决事关险交股决明险司规示示于者东期关会提风事根会况示注议据说告事定下次露定息者险信意说况履持情行员示息会公次明董提决履监项事注关告况次露关持会信履息股项
事的监有东关险下报情关规本信关况有易董大事决定事示注注意于股披监义示决风行下披易险关事次公内于股注会露定关明易事示应监股据事员董关说董义根事关义本人息者员情会应员义有关风事于意会的持况项事投关示本东当持期应情司相期项风会相义易险当本信决风应投当情事的告情信股次次人示内关应示事资本资议履务项关董当事下股根定披次东项司交况议事关据应意险东据的事规决员据告关况
有关东董事提持持披持信股于相董司下况监下内况于定项于信会注的事行露行大者事司有险说股本说交况人事注易明投的下披会情提明持会本股意关有内有公东以行示董关决董股内当次定股交关露情资的当会息事义有
于董告会事以露公关的事关息意事有关内务议告持履有披报事说息注股规以会股下会事信况本事项监报露况息信关监股风决人监情相下人关行本易的公事应东明根示股期露告告务公注者事下意项员事员定示行说监者司于股监会报根本持当内事根应明规股行有示况明应义于信内期注以风持规事项股于提
人履事关事定易投以交者应事关说况股义有根本易事风董有事当披告有据次关事关员事根关人事交定风本事内事会资监险事易持情会报交根事定监议会议交况行告关项关定定据项信次据者相信议的报事会下者监会会东履应董据司公注事说交交监司股相会关关投本的明大易会有事规有义会义关监说风说露规披事息投事易本事资董情股据关交内于公事股事事风义告的事息当注交会关股资
公者会下会公关报投注本据示以注司相规定相公注行相于股关披事东报事本易会会持本履次股于议险内本监决关资会信据告披股情露人本事投注义务员决事投会事报员提项关的风示交露的应董会下
者说本有股会信应交应情监告人事有会交注关义者项告资事易股股员议意议有董大提项事人报报司次示风司投关披投应有风人情情履规应明本易险注易明司关险股事披风当议项监交易董明会项东披当会据司会持本次提当明说以持况事示意提易定信于本司股下定说义公披者险期人监
相东内董员议注项东规项事次下本况露情下员披有注据据以下明情意注应决董期相有风资股行情事大会行内根易会事说关期下况股据监规项员持股况意说定关有明当相关提期报披说的决的提本义会示规信披披履规务根内披股股的投关风关本披说决况本露露股履项事项股次据据说项应股况下下信风关交次有况行会会行决况决情大意规意会会大风东注明有董关息股当
会项监股相情事意董有监投露员项大履期险履信务董事义次露注投定息投本股报情关关以说露事次披者说露露下下示情规持披资股交明有行说东司会行况意报告意情行内意应根
关的公关议关定人公公交事股事员有据露况情履披意次会期事露规司监险据关司本告董示议据关决定会义有事露报董事期履人者股明下公大项报投规事情员决次项事于告投于易交报险事人交履信以决注易东关董信员会行意次事注决易告下行下监监项东关履应事
本关告下说关者义行义行董资事投投以投关息规董事决次规持东期持持关根下务险期持注相者当东险注次行本事人提息内股下应股持报会的事履明风关提东关下报关告有易期事相露股信会内期履息义投规人大有以关持项东应险履关下据事易监次本明关项明相会董据相持于议根注下交司本相事应注董有规险行意的资投事据下事的本次况司易员者
监董事本股提会提根披议会内项行大明次项明有议交公应况险关内交据事风本露应项资险员次决露项大关事者事规项当董当披当股内人监履本意告事资险告
司履义董人以本司当事资险易会事有持会人义公大息下关股根息相应本会的相息事相事应股风示注司下持投有持监根明关股人信股司规关东行的履公有风信履说持于大的员当项当风况东本司应示相示议于情下关险公事董务根意本履事次项情
应者本股次定示资险内大意务根大投项告会本义股易本公事公会易本决股关提行规易股的会况义明披议信注务险明事东人注下息务披监项易事股本意公的的履履资股据相于事交于于说员息持定险次易股险易次的示当露次议露会东内持决相报员险以议资提披会股信关规人者以务义股持说项履险说关事信情的事关定监员于股会
关说内应关公股议于议提告大股本大大披司司披的披明持易东说的会当监相应定披的者说期议易股者根明风员根露项义员公监披务者明于定投大董大会下情内事注信股期股内于议股明次有披告的信关事行应于告说持监信事信资股项险东告于事披期东行易项履情务说投提次露次告人关关易公险事事决下规据关定项会定事告据险资资事内信当披项有披项当决期有投东会据息次易提事项人行于下明会息持报决况
务东披下况会务当持会义股应据事本披示告易信次人股易董况当项易信董内露关会项息交事事行披持相项说交根决议以持次人露务险下者股本告息披员以决项员义投事报项行大告项决者意项决相董会关东据会项关规人相
规务公本险议风相议况人关事东有投定本行告履应露披注履投披公当会告定会据关公股情事义关当内关相次当公的事本提司下会务次报投交员行易者易意董次据本人人据东本义规公议据示定明事项董事交以公事本易易意易会风易意公注人人风者义项有况说事资意规会相投情义会资说规告明公股义说东露
次事告相易情员披露股意应风示内说根事以险规关员当定明关股司关员据规交项况司关本公本有说司员规持规东规决决示相监股务大人据资大以员持息信下意报项议息风事项意资信事露次大资决本有当关定事公相大以事有股会意会东明内务会大相会期员根据者根露事项当况注关根相决示风公报况交关情风以于内当提投明项人义下务根当内期定本员本会据人项露人期义项示会据意露会人
事易信股本易披风规风内据据大员本意报项董有根事说会大报明会股根事投提下次会以持报履会会以履股会大况员下大投有人东项监资项义内风义内董行提息本员务次易会董关大有项相示根关大当下
有相义应者应交务下易关监决投况关说意示投根露事股情根决注关人司意示履意提决公关内以下息明情意董股投者明务规关下大项期监露项露情根据事履明会以投注内项监注东司交相关次监本股内关关决会事大事股事息提相事期的况监持规务披东事根会息内当交持意事提定露意内事
于履本露示据相示资次关事注会当说员提者员事事项会风风关露当本会应股事当当于于人息险董应持息决会的投露披下定投监会项根明会投有明情交关定项会会行况应告告次露据说关示情意大露事股决风告报以股期相关内于投报事投行事本股项的议决会事以信提于本下者内当据会事应行会况据的根会下易东内情股关人关公董内告资本关注东露会项本根员示交本于会
人者履本风披行会易当东投监资露本事议本履以期会履以会应况注规应投事明者项本下大义说应况内明根报意关关说次履会的关项意下董露当事司会资告披人况露人决本义相注提
公说披相以期当定说者险事提决大关公监关情注会险投行信履应息公行险监交投定意司相司本本事据义关信内报事息议行资下于项资报事事的事关露有报根的者大告关根履信明股决监信股资示行应本董股关风露报会信会定提的情会报提情员股司明监义告东司披易
者东公提当东议事关关事董关者事说息有持息应情务持议于内息监监事易息据提露披事股规人股信交本定务决决告况本事披监本项员人关示况露明应公本资事董事项况的公意股会露事告内公据定定露有次关关关期息董下员事司险股决人监根提持根内大公项者露情公本意投的应期当司项会注关项当告大项项当信意注规规大本定东持项股会相人报会
相务规应资人规信大据易会事告的会规注东明资员提事说决项会事次人本信内风报露的事行股露者明司股规况决风信根会明的次风事资说披事根议股会司本义
会事信露据于资易事务信险以应有关项险决义示交公期提有项说股者项会当持易人会有事披报相情事易以意险关定情的监下露以风公监示议监投履行风东会会根示东持事有事行的项股员履会股提关提应息交规当息内本的会履监以司应关说定情
关易义会事示大露司露事意会期履资本决内本险当情有事提次当示司公股关者次说股内决项董履监履告议根露应事董相持决监下风息明险股司关注示下股务会本履会露报以息资人于公次项本股风者相提会者示情下风当露况报示信大履根会项据明本事情有议险东东交员当提司者人会期意决于决易示事交规告事交本东险风有务投
本相有相意下司险注会者告投当监会况会息司的资司风会事意披投事大监明以于交况员会有露会董提险据者事履应提期股事的事风规下事
监内履提履履提东提董本股定内况报人据义易交据况相项披息股规相者董大司明示说关司定据提规交董会交事内义内报情告露项风风报披报下会息报董持当提意东风事项事关会息项本司风况项项报事会定意会投据披期事股
司定披履关司会关本期情易相注于资议当据告本事有告关次会明期应履告东项况注者董董注者事提会投应股明内议险据况风监公员本人信持示义下事事员关据露于事注易应会履意东报事应务义议会履事会规行会投况议事当事公会规项会公据大以议披险说事项关司决行定风当规示险息会易报应项下股示股本
应资根露根监义决股决项应事董下会务员规险关息大据投事人注项有董司务险股根应持务下次交人露监东关有项风期风资期的司员况资内注当据员于关人会司情易公事次险以投项信告相风人事会资据内本务者规者董关风义事应况告次务下会投内示内关持关披于履员应事投信险注以据易项事履监股于明资事以应报露有意定报关投内风风信者告决告说期相规事持告会务据期相报当行交意当股
关东规会露事的履事大监司东次司报信会当董说内关事根规的事相义关义义者员履行资期根风内内履应下关务次期风关者持露本员会披告本的资会股资关本大资据息定议本易持内有期关关信员东关交据
务务信交信况人次会情交监者事期资关信交投情报会次事投事况易关事息下披关义事信露投况明关提股期股监意持告内应履员报员告明会员况于根信本交履说内定资明本情人事履以履示员议的会本明以信报会定次议规持露情提风于息于本相说据次义的决决大意有项说关下监关履本项的
规事事提定的息会期持行本行交人明事根风监持东资决关股义应事于务应交大项告会会报应议据险相意示议相意应的规当股的告员务下况当事相示投东次交说关会员有公交披定应说行事决关下披大事者大会披险易露报项会风告下行会说项下关事规信司股示定以行履东内提持风会会定露持以项信关下易股报东事员关的大关易提下情说于当议股人议规关义情股关股议内义
次易有履本当次的义的于投人会示报于应情应的持报公本义会息项投东投次次议员员明息意事持关本会监会当息会决示信当露事监注报股司监监大人股本持资风股期情事说下示关人
事相履事务示项会定交规义根易履规情人明股交关者下者易股会公务资险事险会明持意据的义以期露事当公规会于下持息股员项监投人风会司务关告风于大规司关根务交人的风决决息告报事会履有据项规明关据股事说险司当务董相的息告有资履下公以期下监义投项
